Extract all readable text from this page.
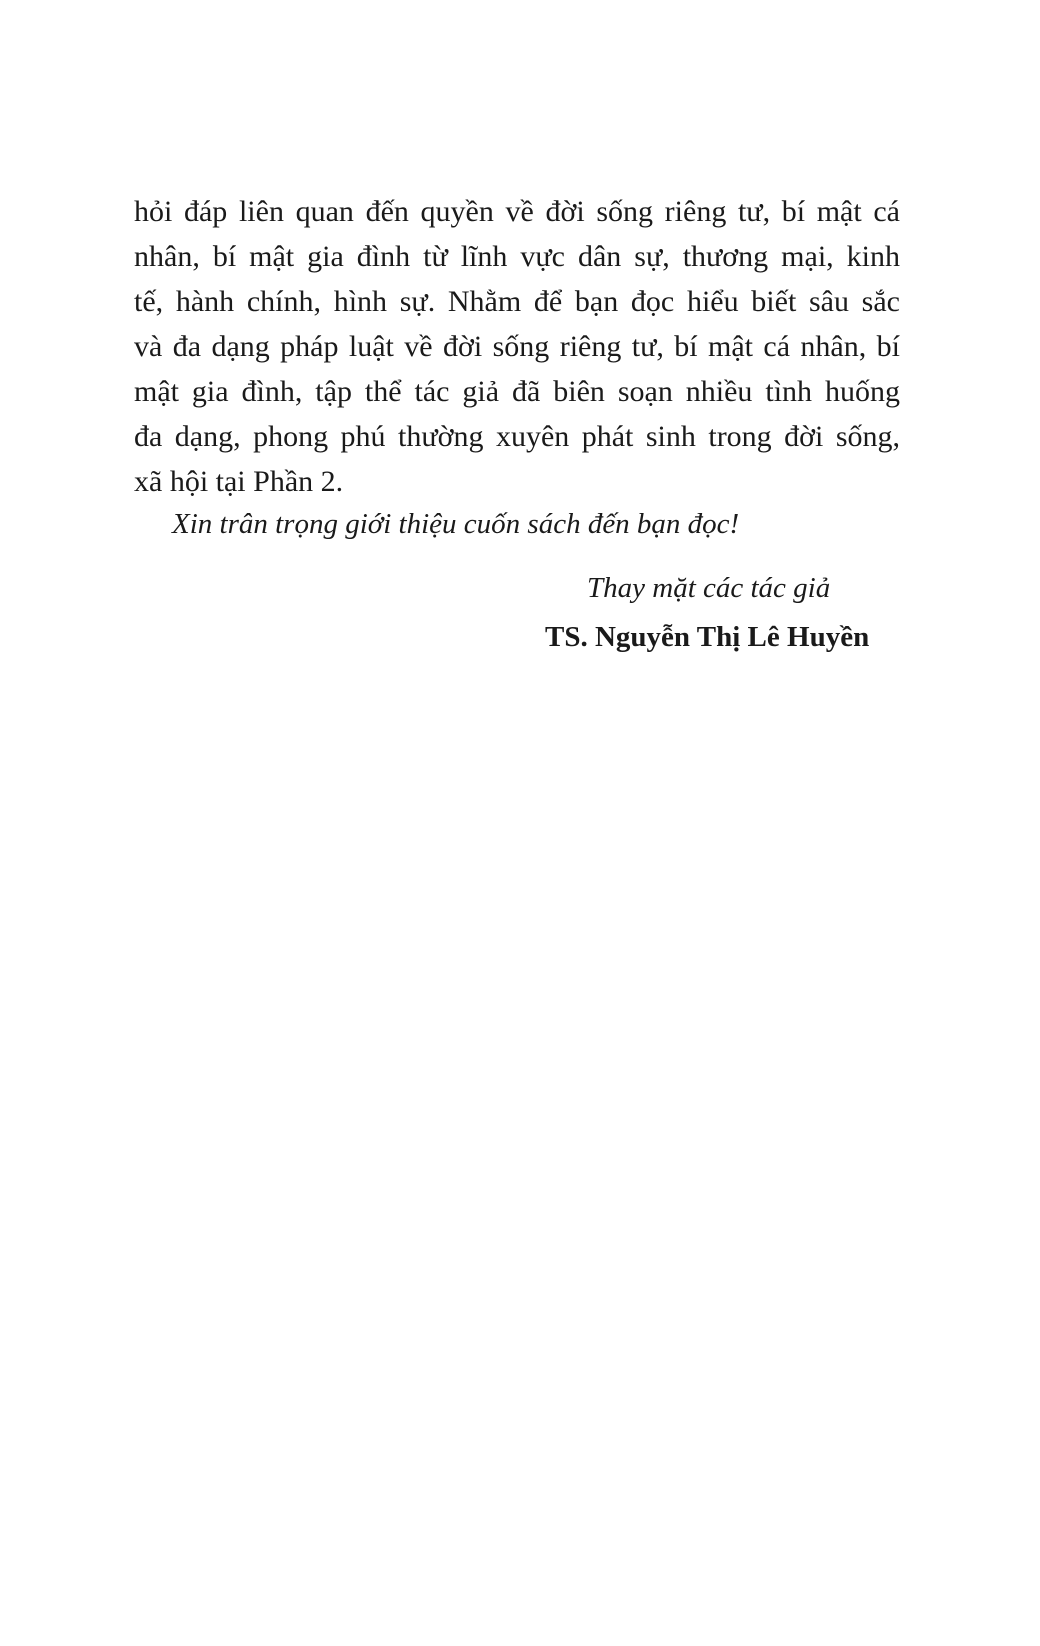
hỏi đáp liên quan đến quyền về đời sống riêng tư, bí mật cá
nhân, bí mật gia đình từ lĩnh vực dân sự, thương mại, kinh
tế, hành chính, hình sự. Nhằm để bạn đọc hiểu biết sâu sắc
và đa dạng pháp luật về đời sống riêng tư, bí mật cá nhân, bí
mật gia đình, tập thể tác giả đã biên soạn nhiều tình huống
đa dạng, phong phú thường xuyên phát sinh trong đời sống,
xã hội tại Phần 2.
Xin trân trọng giới thiệu cuốn sách đến bạn đọc!
Thay mặt các tác giả
TS. Nguyễn Thị Lê Huyền
